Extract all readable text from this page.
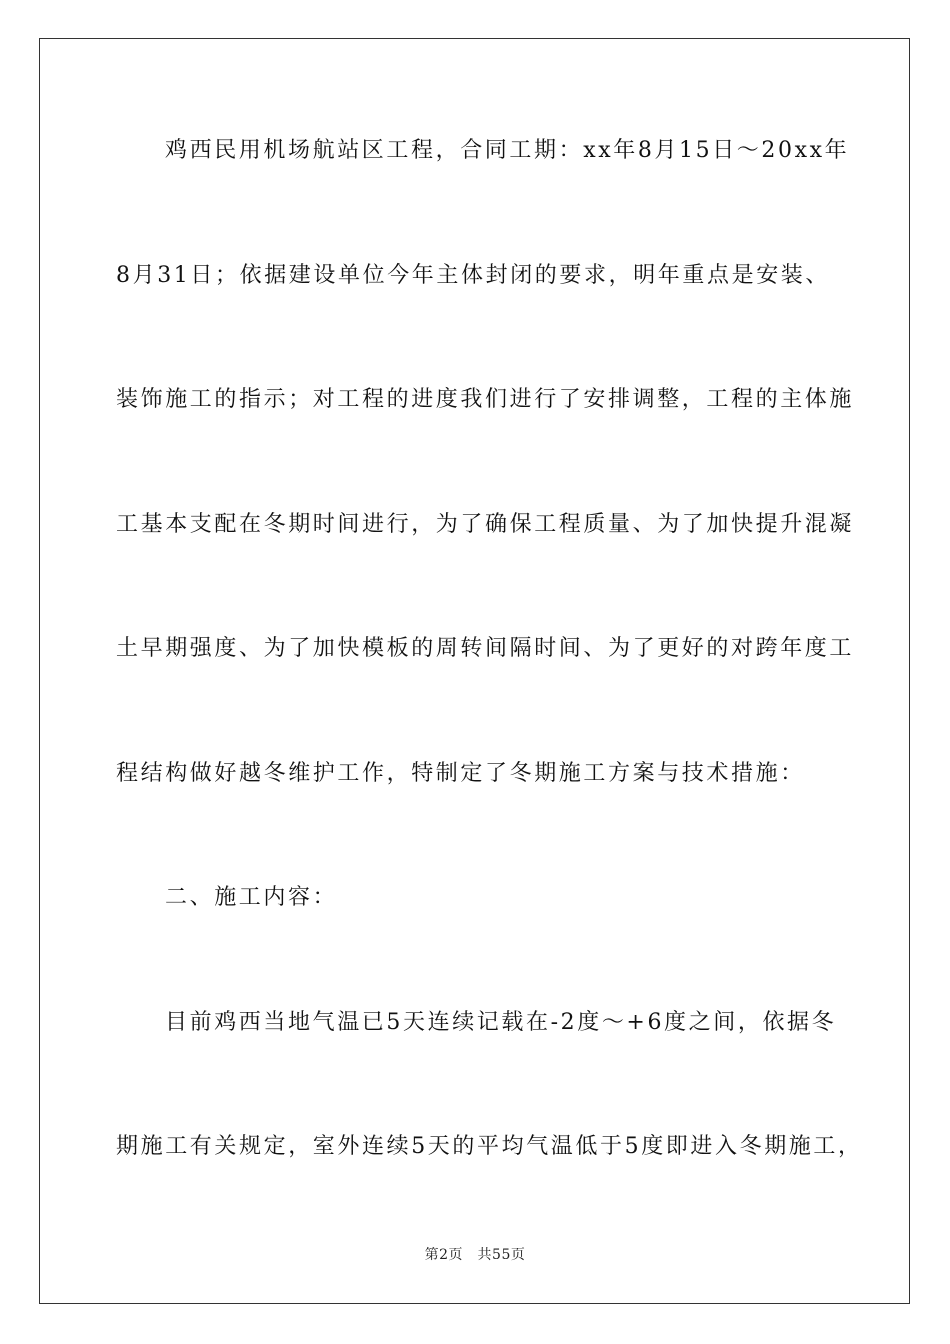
鸡西民用机场航站区工程，合同工期：xx年8月15日～20xx年
8月31日；依据建设单位今年主体封闭的要求，明年重点是安装、
装饰施工的指示；对工程的进度我们进行了安排调整，工程的主体施
工基本支配在冬期时间进行，为了确保工程质量、为了加快提升混凝
土早期强度、为了加快模板的周转间隔时间、为了更好的对跨年度工
程结构做好越冬维护工作，特制定了冬期施工方案与技术措施：
二、施工内容：
目前鸡西当地气温已5天连续记载在-2度～+6度之间，依据冬
期施工有关规定，室外连续5天的平均气温低于5度即进入冬期施工，
第2页　共55页
